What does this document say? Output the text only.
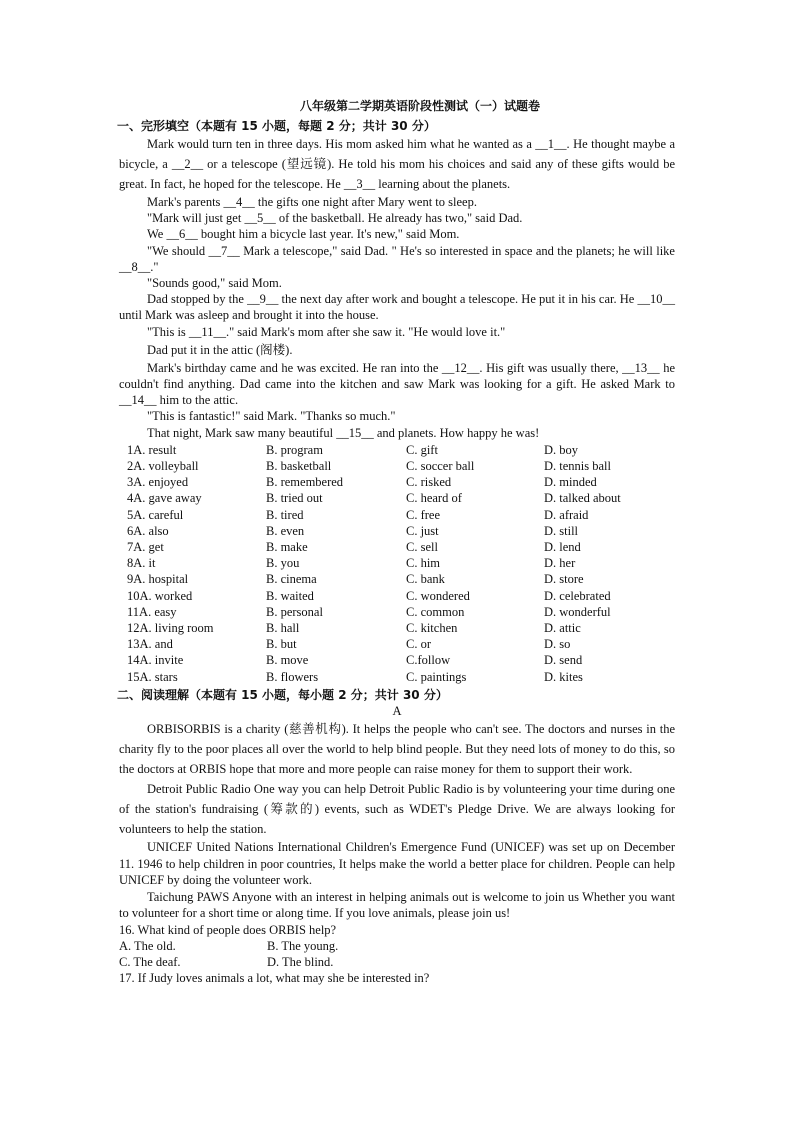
八年级第二学期英语阶段性测试（一）试题卷
一、完形填空（本题有 15 小题，每题 2 分；共计 30 分）

Mark would turn ten in three days. His mom asked him what he wanted as a __1__. He thought maybe a bicycle, a __2__ or a telescope (望远镜). He told his mom his choices and said any of these gifts would be great. In fact, he hoped for the telescope. He __3__ learning about the planets.

Mark's parents __4__ the gifts one night after Mary went to sleep.

"Mark will just get __5__ of the basketball. He already has two," said Dad.

We __6__ bought him a bicycle last year. It's new," said Mom.

"We should __7__ Mark a telescope," said Dad. " He's so interested in space and the planets; he will like __8__."

"Sounds good," said Mom.

Dad stopped by the __9__ the next day after work and bought a telescope. He put it in his car. He __10__ until Mark was asleep and brought it into the house.

"This is __11__." said Mark's mom after she saw it. "He would love it."

Dad put it in the attic (阁楼).

Mark's birthday came and he was excited. He ran into the __12__. His gift was usually there, __13__ he couldn't find anything. Dad came into the kitchen and saw Mark was looking for a gift. He asked Mark to __14__ him to the attic.

"This is fantastic!" said Mark. "Thanks so much."

That night, Mark saw many beautiful __15__ and planets. How happy he was!

1A. result	B. program	C. gift	D. boy
2A. volleyball	B. basketball	C. soccer ball	D. tennis ball
3A. enjoyed	B. remembered	C. risked	D. minded
4A. gave away	B. tried out	C. heard of	D. talked about
5A. careful	B. tired	C. free	D. afraid
6A. also	B. even	C. just	D. still
7A. get	B. make	C. sell	D. lend
8A. it	B. you	C. him	D. her
9A. hospital	B. cinema	C. bank	D. store
10A. worked	B. waited	C. wondered	D. celebrated
11A. easy	B. personal	C. common	D. wonderful
12A. living room	B. hall	C. kitchen	D. attic
13A. and	B. but	C. or	D. so
14A. invite	B. move	C.follow	D. send
15A. stars	B. flowers	C. paintings	D. kites
二、阅读理解（本题有 15 小题，每小题 2 分；共计 30 分）
A

ORBISORBIS is a charity (慈善机构). It helps the people who can't see. The doctors and nurses in the charity fly to the poor places all over the world to help blind people. But they need lots of money to do this, so the doctors at ORBIS hope that more and more people can raise money for them to support their work.

Detroit Public Radio One way you can help Detroit Public Radio is by volunteering your time during one of the station's fundraising (筹款的) events, such as WDET's Pledge Drive. We are always looking for volunteers to help the station.

UNICEF United Nations International Children's Emergence Fund (UNICEF) was set up on December 11. 1946 to help children in poor countries, It helps make the world a better place for children. People can help UNICEF by doing the volunteer work.

Taichung PAWS Anyone with an interest in helping animals out is welcome to join us Whether you want to volunteer for a short time or along time. If you love animals, please join us!

16. What kind of people does ORBIS help?
A. The old.	B. The young.
C. The deaf.	D. The blind.
17. If Judy loves animals a lot, what may she be interested in?
